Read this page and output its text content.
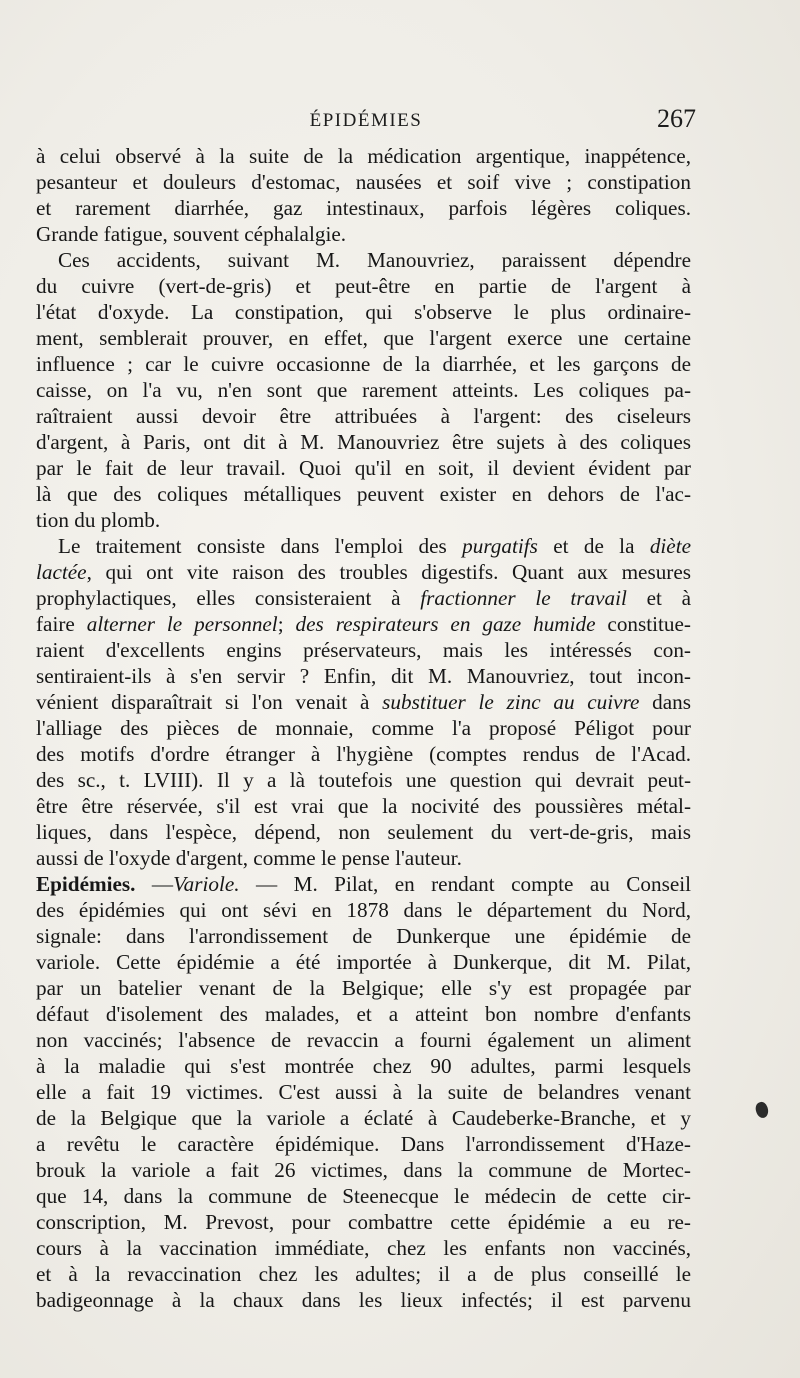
ÉPIDÉMIES	267
à celui observé à la suite de la médication argentique, inappétence,
pesanteur et douleurs d'estomac, nausées et soif vive ; constipation
et rarement diarrhée, gaz intestinaux, parfois légères coliques.
Grande fatigue, souvent céphalalgie.
Ces accidents, suivant M. Manouvriez, paraissent dépendre
du cuivre (vert-de-gris) et peut-être en partie de l'argent à
l'état d'oxyde. La constipation, qui s'observe le plus ordinaire-
ment, semblerait prouver, en effet, que l'argent exerce une certaine
influence ; car le cuivre occasionne de la diarrhée, et les garçons de
caisse, on l'a vu, n'en sont que rarement atteints. Les coliques pa-
raîtraient aussi devoir être attribuées à l'argent: des ciseleurs
d'argent, à Paris, ont dit à M. Manouvriez être sujets à des coliques
par le fait de leur travail. Quoi qu'il en soit, il devient évident par
là que des coliques métalliques peuvent exister en dehors de l'ac-
tion du plomb.
Le traitement consiste dans l'emploi des purgatifs et de la diète
lactée, qui ont vite raison des troubles digestifs. Quant aux mesures
prophylactiques, elles consisteraient à fractionner le travail et à
faire alterner le personnel; des respirateurs en gaze humide constitue-
raient d'excellents engins préservateurs, mais les intéressés con-
sentiraient-ils à s'en servir ? Enfin, dit M. Manouvriez, tout incon-
vénient disparaîtrait si l'on venait à substituer le zinc au cuivre dans
l'alliage des pièces de monnaie, comme l'a proposé Péligot pour
des motifs d'ordre étranger à l'hygiène (comptes rendus de l'Acad.
des sc., t. LVIII). Il y a là toutefois une question qui devrait peut-
être être réservée, s'il est vrai que la nocivité des poussières métal-
liques, dans l'espèce, dépend, non seulement du vert-de-gris, mais
aussi de l'oxyde d'argent, comme le pense l'auteur.
Epidémies. —Variole. — M. Pilat, en rendant compte au Conseil
des épidémies qui ont sévi en 1878 dans le département du Nord,
signale: dans l'arrondissement de Dunkerque une épidémie de
variole. Cette épidémie a été importée à Dunkerque, dit M. Pilat,
par un batelier venant de la Belgique; elle s'y est propagée par
défaut d'isolement des malades, et a atteint bon nombre d'enfants
non vaccinés; l'absence de revaccin a fourni également un aliment
à la maladie qui s'est montrée chez 90 adultes, parmi lesquels
elle a fait 19 victimes. C'est aussi à la suite de belandres venant
de la Belgique que la variole a éclaté à Caudeberke-Branche, et y
a revêtu le caractère épidémique. Dans l'arrondissement d'Haze-
brouk la variole a fait 26 victimes, dans la commune de Mortec-
que 14, dans la commune de Steenecque le médecin de cette cir-
conscription, M. Prevost, pour combattre cette épidémie a eu re-
cours à la vaccination immédiate, chez les enfants non vaccinés,
et à la revaccination chez les adultes; il a de plus conseillé le
badigeonnage à la chaux dans les lieux infectés; il est parvenu
